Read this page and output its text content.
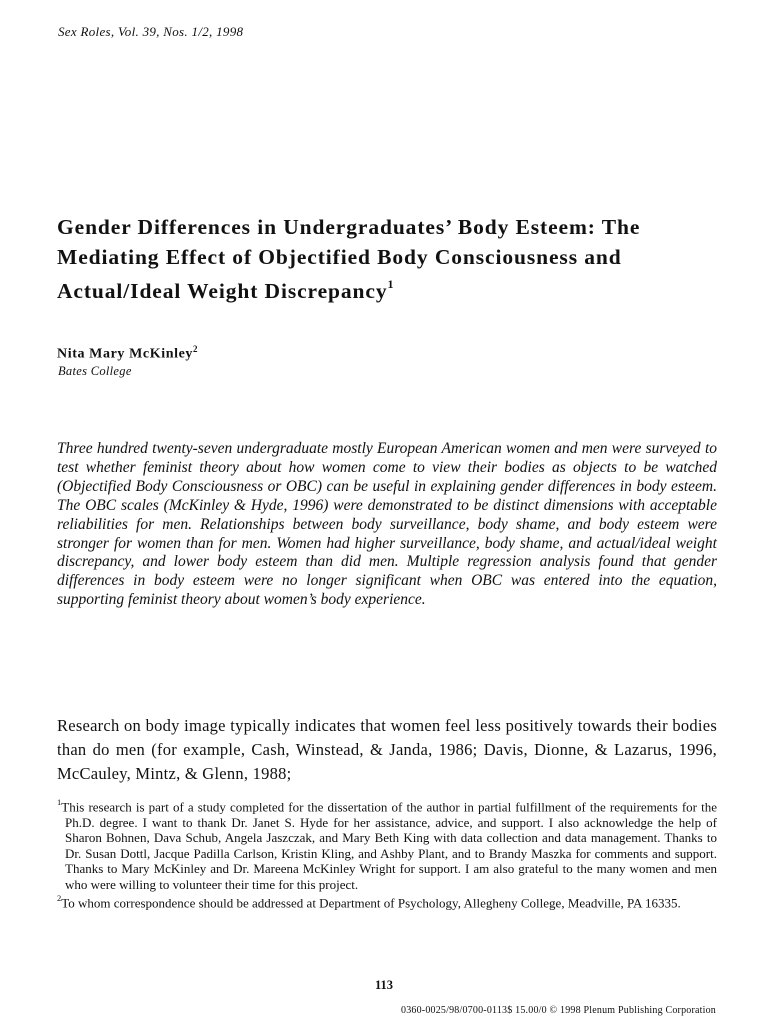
Sex Roles, Vol. 39, Nos. 1/2, 1998
Gender Differences in Undergraduates’ Body Esteem: The Mediating Effect of Objectified Body Consciousness and Actual/Ideal Weight Discrepancy$^1$
Nita Mary McKinley$^2$
Bates College

Three hundred twenty-seven undergraduate mostly European American women and men were surveyed to test whether feminist theory about how women come to view their bodies as objects to be watched (Objectified Body Consciousness or OBC) can be useful in explaining gender differences in body esteem. The OBC scales (McKinley & Hyde, 1996) were demonstrated to be distinct dimensions with acceptable reliabilities for men. Relationships between body surveillance, body shame, and body esteem were stronger for women than for men. Women had higher surveillance, body shame, and actual/ideal weight discrepancy, and lower body esteem than did men. Multiple regression analysis found that gender differences in body esteem were no longer significant when OBC was entered into the equation, supporting feminist theory about women’s body experience.

Research on body image typically indicates that women feel less positively towards their bodies than do men (for example, Cash, Winstead, & Janda, 1986; Davis, Dionne, & Lazarus, 1996, McCauley, Mintz, & Glenn, 1988;

$^1$This research is part of a study completed for the dissertation of the author in partial fulfillment of the requirements for the Ph.D. degree. I want to thank Dr. Janet S. Hyde for her assistance, advice, and support. I also acknowledge the help of Sharon Bohnen, Dava Schub, Angela Jaszczak, and Mary Beth King with data collection and data management. Thanks to Dr. Susan Dottl, Jacque Padilla Carlson, Kristin Kling, and Ashby Plant, and to Brandy Maszka for comments and support. Thanks to Mary McKinley and Dr. Mareena McKinley Wright for support. I am also grateful to the many women and men who were willing to volunteer their time for this project.

$^2$To whom correspondence should be addressed at Department of Psychology, Allegheny College, Meadville, PA 16335.

113
0360-0025/98/0700-0113$ 15.00/0 © 1998 Plenum Publishing Corporation
